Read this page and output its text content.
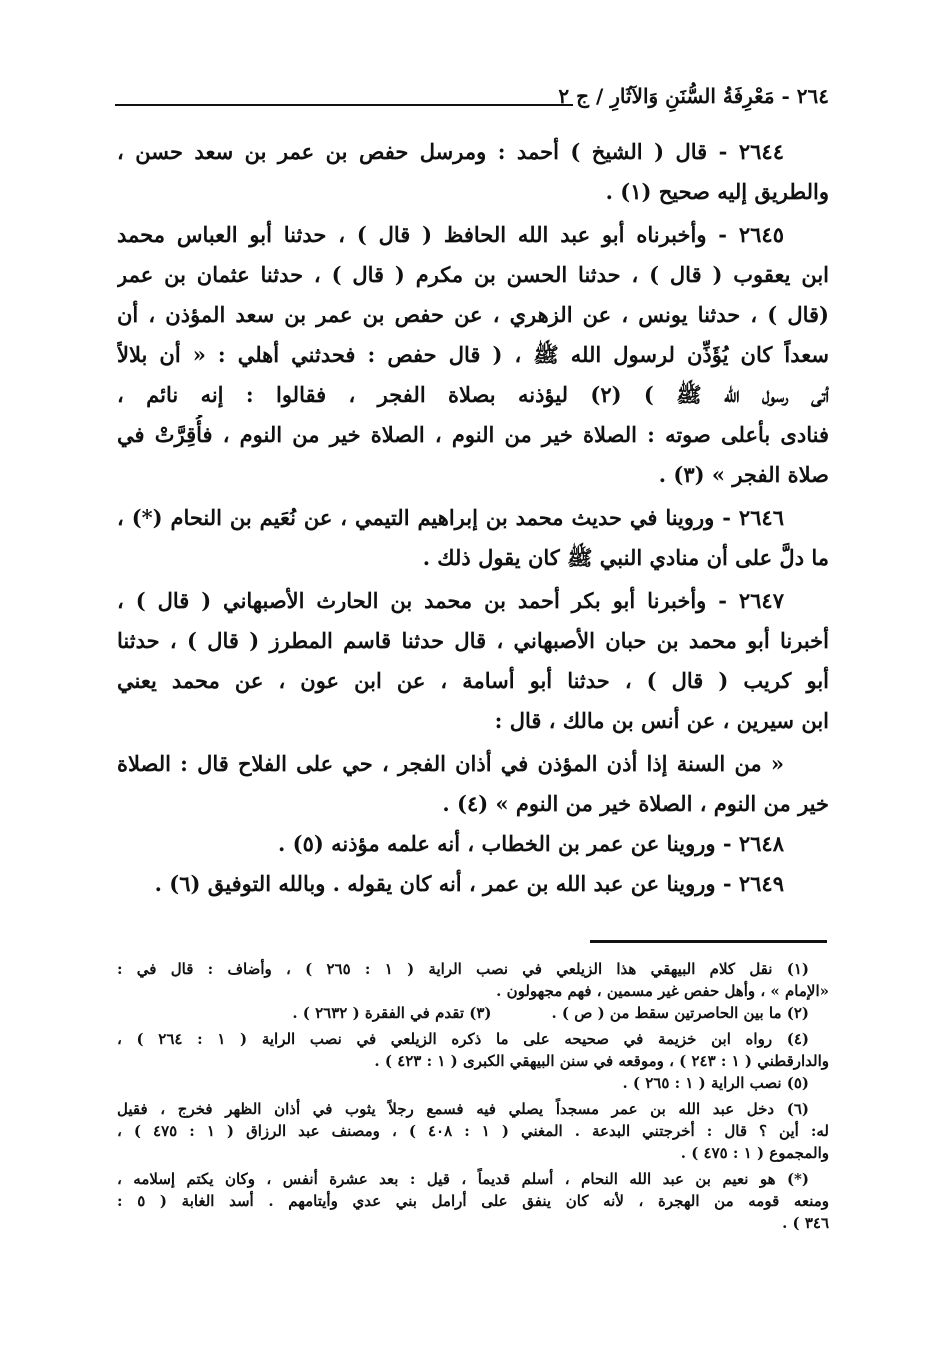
٢٦٤ - مَعْرِفَةُ السُّنَنِ وَالآثَارِ / ج ٢
٢٦٤٤ - قال ( الشيخ ) أحمد : ومرسل حفص بن عمر بن سعد حسن ،
والطريق إليه صحيح (١) .
٢٦٤٥ - وأخبرناه أبو عبد الله الحافظ ( قال ) ، حدثنا أبو العباس محمد
ابن يعقوب ( قال ) ، حدثنا الحسن بن مكرم ( قال ) ، حدثنا عثمان بن عمر
(قال ) ، حدثنا يونس ، عن الزهري ، عن حفص بن عمر بن سعد المؤذن ، أن
سعداً كان يُؤَذِّن لرسول الله ﷺ ، ( قال حفص : فحدثني أهلي : « أن بلالاً
أتى رسول الله ﷺ ) (٢) ليؤذنه بصلاة الفجر ، فقالوا : إنه نائم ،
فنادى بأعلى صوته : الصلاة خير من النوم ، الصلاة خير من النوم ، فأُقِرَّتْ في
صلاة الفجر » (٣) .
٢٦٤٦ - وروينا في حديث محمد بن إبراهيم التيمي ، عن نُعَيم بن النحام (*) ،
ما دلَّ على أن منادي النبي ﷺ كان يقول ذلك .
٢٦٤٧ - وأخبرنا أبو بكر أحمد بن محمد بن الحارث الأصبهاني ( قال ) ،
أخبرنا أبو محمد بن حبان الأصبهاني ، قال حدثنا قاسم المطرز ( قال ) ، حدثنا
أبو كريب ( قال ) ، حدثنا أبو أسامة ، عن ابن عون ، عن محمد يعني
ابن سيرين ، عن أنس بن مالك ، قال :
« من السنة إذا أذن المؤذن في أذان الفجر ، حي على الفلاح قال : الصلاة
خير من النوم ، الصلاة خير من النوم » (٤) .
٢٦٤٨ - وروينا عن عمر بن الخطاب ، أنه علمه مؤذنه (٥) .
٢٦٤٩ - وروينا عن عبد الله بن عمر ، أنه كان يقوله . وبالله التوفيق (٦) .
(١) نقل كلام البيهقي هذا الزيلعي في نصب الراية ( ١ : ٢٦٥ ) ، وأضاف : قال في :
«الإمام » ، وأهل حفص غير مسمين ، فهم مجهولون .
(٢) ما بين الحاصرتين سقط من ( ص ) .
(٣) تقدم في الفقرة ( ٢٦٣٢ ) .
(٤) رواه ابن خزيمة في صحيحه على ما ذكره الزيلعي في نصب الراية ( ١ : ٢٦٤ ) ،
والدارقطني ( ١ : ٢٤٣ ) ، وموقعه في سنن البيهقي الكبرى ( ١ : ٤٢٣ ) .
(٥) نصب الراية ( ١ : ٢٦٥ ) .
(٦) دخل عبد الله بن عمر مسجداً يصلي فيه فسمع رجلاً يثوب في أذان الظهر فخرج ، فقيل
له: أين ؟ قال : أخرجتني البدعة . المغني ( ١ : ٤٠٨ ) ، ومصنف عبد الرزاق ( ١ : ٤٧٥ ) ،
والمجموع ( ١ : ٤٧٥ ) .
(*) هو نعيم بن عبد الله النحام ، أسلم قديماً ، قيل : بعد عشرة أنفس ، وكان يكتم إسلامه ،
ومنعه قومه من الهجرة ، لأنه كان ينفق على أرامل بني عدي وأيتامهم . أسد الغابة ( ٥ :
٣٤٦ ) .
